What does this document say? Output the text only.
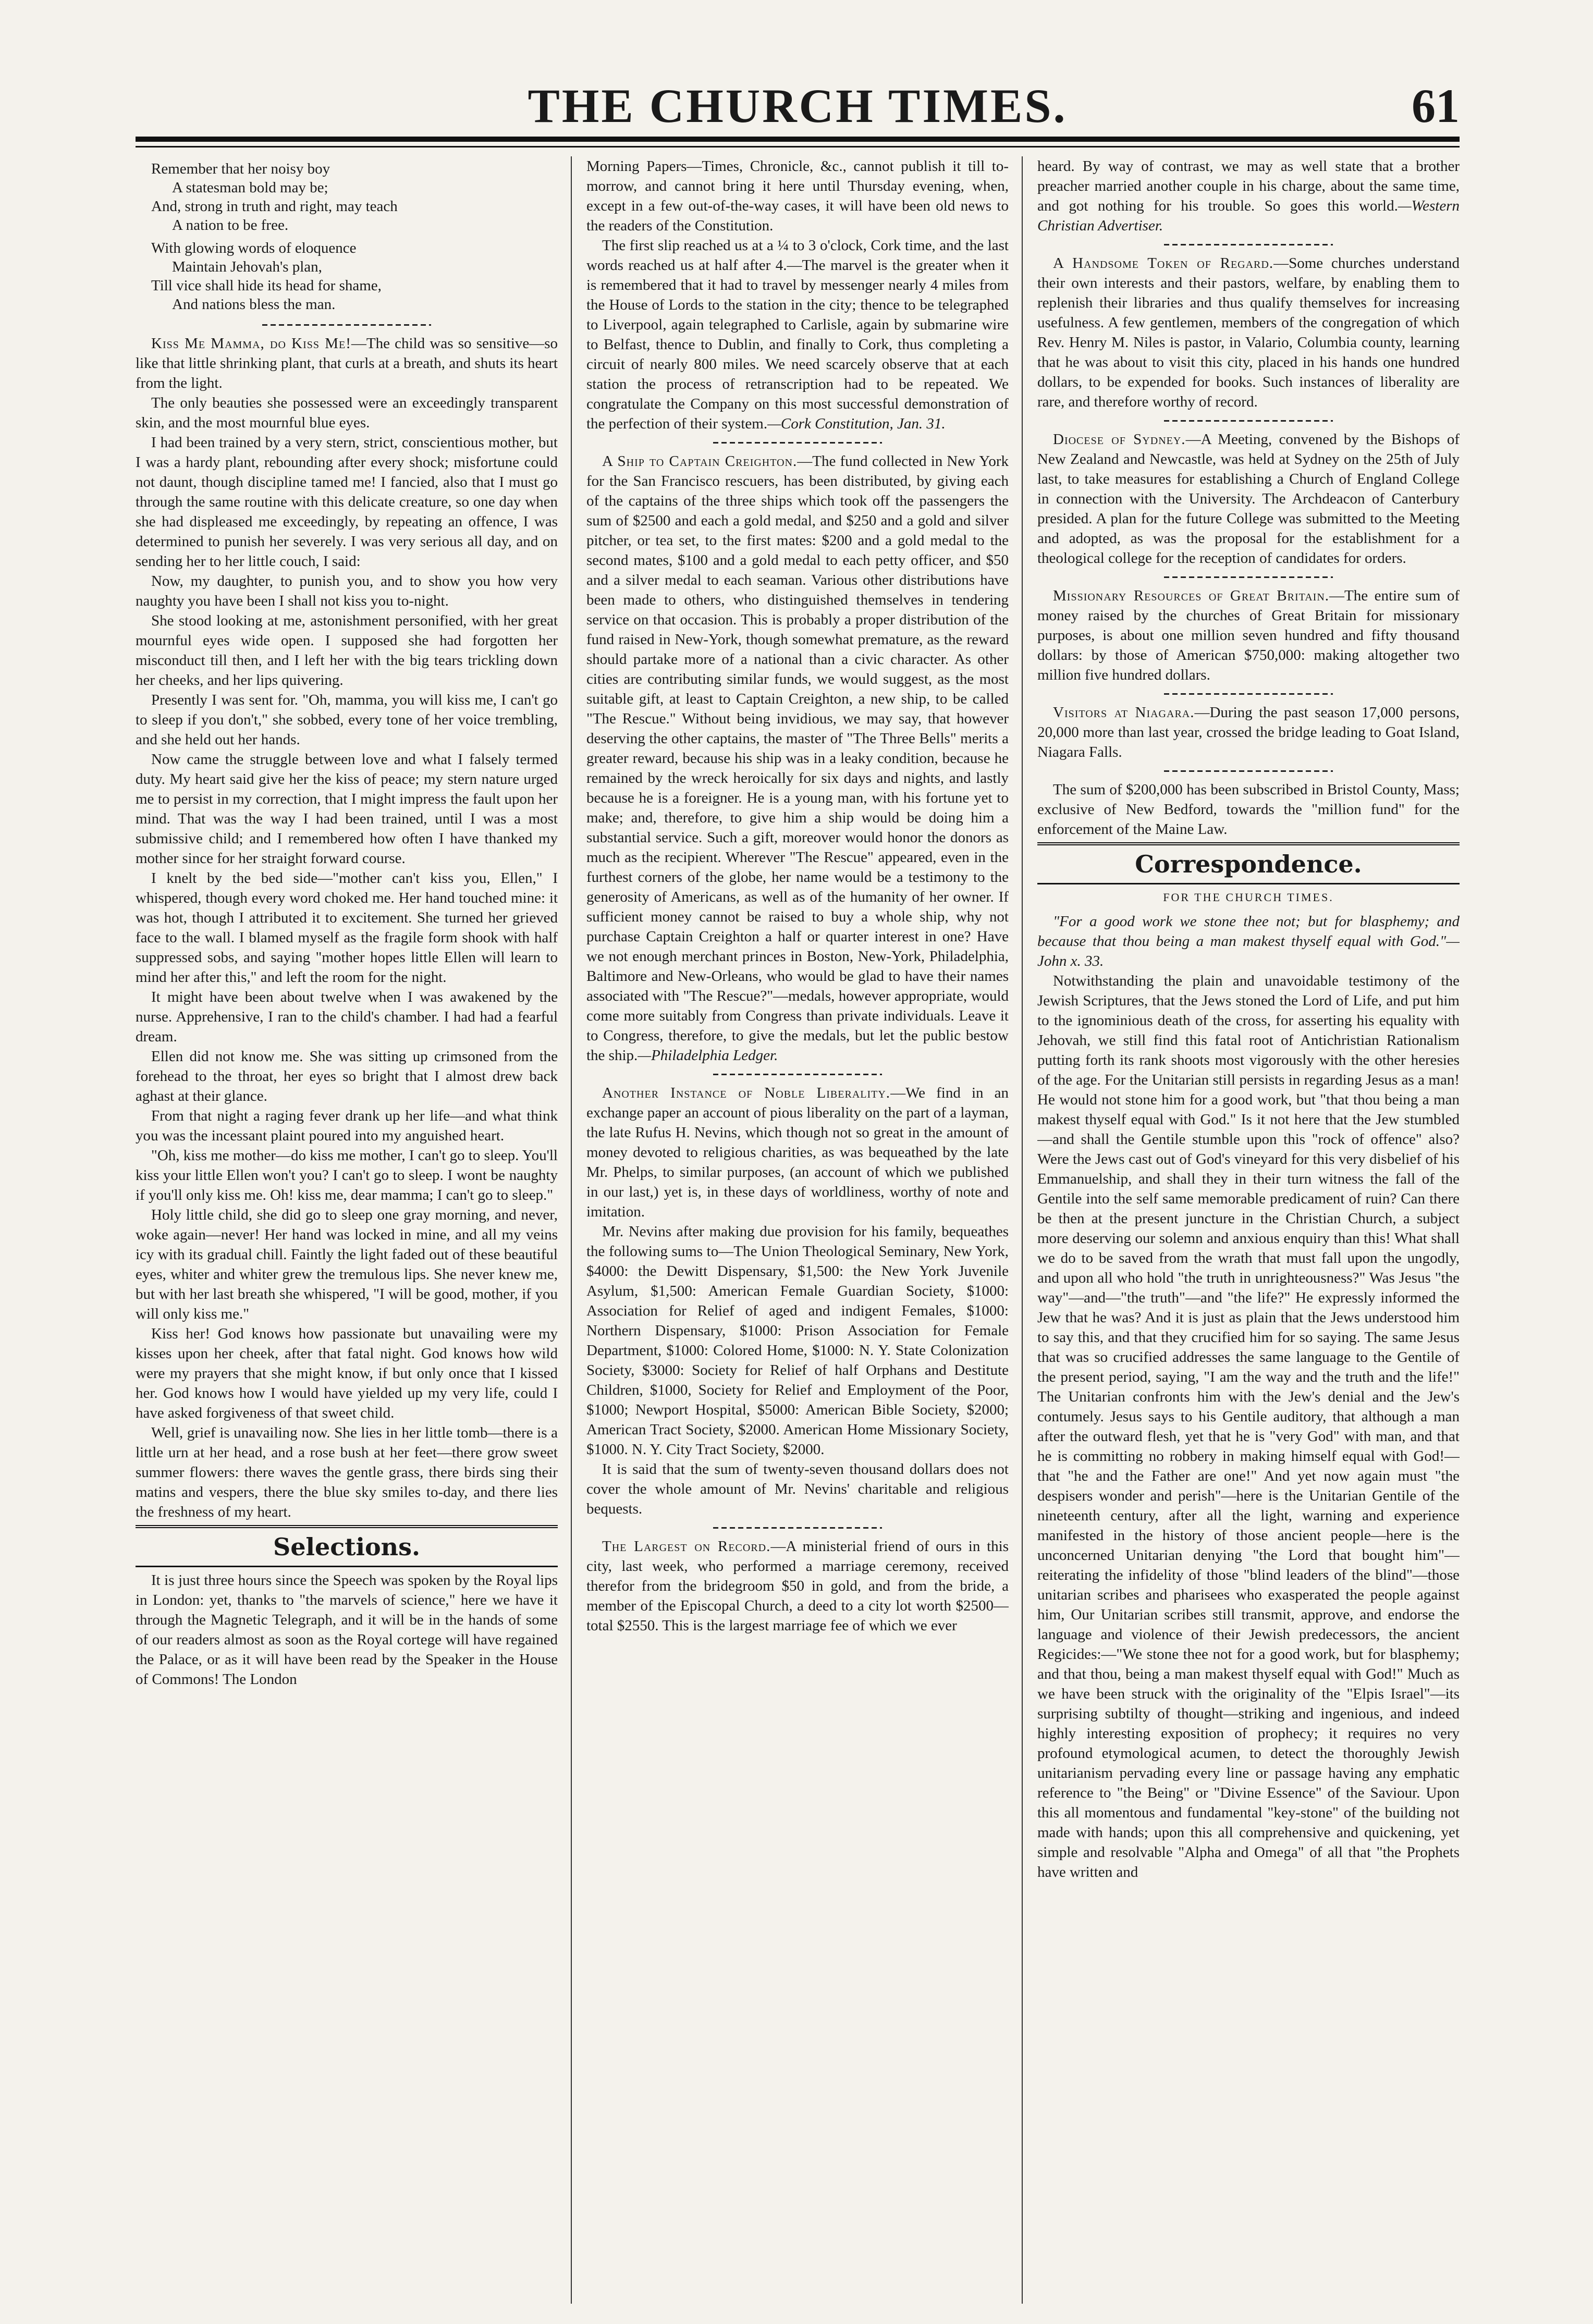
THE CHURCH TIMES.	61
Remember that her noisy boy
A statesman bold may be;
And, strong in truth and right, may teach
A nation to be free.
With glowing words of eloquence
Maintain Jehovah's plan,
Till vice shall hide its head for shame,
And nations bless the man.

Kiss Me Mamma, do Kiss Me!—The child was so sensitive—so like that little shrinking plant, that curls at a breath, and shuts its heart from the light.

The only beauties she possessed were an exceedingly transparent skin, and the most mournful blue eyes.

I had been trained by a very stern, strict, conscientious mother, but I was a hardy plant, rebounding after every shock; misfortune could not daunt, though discipline tamed me! I fancied, also that I must go through the same routine with this delicate creature, so one day when she had displeased me exceedingly, by repeating an offence, I was determined to punish her severely. I was very serious all day, and on sending her to her little couch, I said:

Now, my daughter, to punish you, and to show you how very naughty you have been I shall not kiss you to-night.

She stood looking at me, astonishment personified, with her great mournful eyes wide open. I supposed she had forgotten her misconduct till then, and I left her with the big tears trickling down her cheeks, and her lips quivering.

Presently I was sent for. "Oh, mamma, you will kiss me, I can't go to sleep if you don't," she sobbed, every tone of her voice trembling, and she held out her hands.

Now came the struggle between love and what I falsely termed duty. My heart said give her the kiss of peace; my stern nature urged me to persist in my correction, that I might impress the fault upon her mind. That was the way I had been trained, until I was a most submissive child; and I remembered how often I have thanked my mother since for her straight forward course.

I knelt by the bed side—"mother can't kiss you, Ellen," I whispered, though every word choked me. Her hand touched mine: it was hot, though I attributed it to excitement. She turned her grieved face to the wall. I blamed myself as the fragile form shook with half suppressed sobs, and saying "mother hopes little Ellen will learn to mind her after this," and left the room for the night.

It might have been about twelve when I was awakened by the nurse. Apprehensive, I ran to the child's chamber. I had had a fearful dream.

Ellen did not know me. She was sitting up crimsoned from the forehead to the throat, her eyes so bright that I almost drew back aghast at their glance.

From that night a raging fever drank up her life—and what think you was the incessant plaint poured into my anguished heart.

"Oh, kiss me mother—do kiss me mother, I can't go to sleep. You'll kiss your little Ellen won't you? I can't go to sleep. I wont be naughty if you'll only kiss me. Oh! kiss me, dear mamma; I can't go to sleep."

Holy little child, she did go to sleep one gray morning, and never, woke again—never! Her hand was locked in mine, and all my veins icy with its gradual chill. Faintly the light faded out of these beautiful eyes, whiter and whiter grew the tremulous lips. She never knew me, but with her last breath she whispered, "I will be good, mother, if you will only kiss me."

Kiss her! God knows how passionate but unavailing were my kisses upon her cheek, after that fatal night. God knows how wild were my prayers that she might know, if but only once that I kissed her. God knows how I would have yielded up my very life, could I have asked forgiveness of that sweet child.

Well, grief is unavailing now. She lies in her little tomb—there is a little urn at her head, and a rose bush at her feet—there grow sweet summer flowers: there waves the gentle grass, there birds sing their matins and vespers, there the blue sky smiles to-day, and there lies the freshness of my heart.

Selections.

It is just three hours since the Speech was spoken by the Royal lips in London: yet, thanks to "the marvels of science," here we have it through the Magnetic Telegraph, and it will be in the hands of some of our readers almost as soon as the Royal cortege will have regained the Palace, or as it will have been read by the Speaker in the House of Commons! The London

Morning Papers—Times, Chronicle, &c., cannot publish it till to-morrow, and cannot bring it here until Thursday evening, when, except in a few out-of-the-way cases, it will have been old news to the readers of the Constitution.

The first slip reached us at a ¼ to 3 o'clock, Cork time, and the last words reached us at half after 4.—The marvel is the greater when it is remembered that it had to travel by messenger nearly 4 miles from the House of Lords to the station in the city; thence to be telegraphed to Liverpool, again telegraphed to Carlisle, again by submarine wire to Belfast, thence to Dublin, and finally to Cork, thus completing a circuit of nearly 800 miles. We need scarcely observe that at each station the process of retranscription had to be repeated. We congratulate the Company on this most successful demonstration of the perfection of their system.—Cork Constitution, Jan. 31.

A Ship to Captain Creighton.—The fund collected in New York for the San Francisco rescuers, has been distributed, by giving each of the captains of the three ships which took off the passengers the sum of $2500 and each a gold medal, and $250 and a gold and silver pitcher, or tea set, to the first mates: $200 and a gold medal to the second mates, $100 and a gold medal to each petty officer, and $50 and a silver medal to each seaman. Various other distributions have been made to others, who distinguished themselves in tendering service on that occasion. This is probably a proper distribution of the fund raised in New-York, though somewhat premature, as the reward should partake more of a national than a civic character. As other cities are contributing similar funds, we would suggest, as the most suitable gift, at least to Captain Creighton, a new ship, to be called "The Rescue." Without being invidious, we may say, that however deserving the other captains, the master of "The Three Bells" merits a greater reward, because his ship was in a leaky condition, because he remained by the wreck heroically for six days and nights, and lastly because he is a foreigner. He is a young man, with his fortune yet to make; and, therefore, to give him a ship would be doing him a substantial service. Such a gift, moreover would honor the donors as much as the recipient. Wherever "The Rescue" appeared, even in the furthest corners of the globe, her name would be a testimony to the generosity of Americans, as well as of the humanity of her owner. If sufficient money cannot be raised to buy a whole ship, why not purchase Captain Creighton a half or quarter interest in one? Have we not enough merchant princes in Boston, New-York, Philadelphia, Baltimore and New-Orleans, who would be glad to have their names associated with "The Rescue?"—medals, however appropriate, would come more suitably from Congress than private individuals. Leave it to Congress, therefore, to give the medals, but let the public bestow the ship.—Philadelphia Ledger.

Another Instance of Noble Liberality.—We find in an exchange paper an account of pious liberality on the part of a layman, the late Rufus H. Nevins, which though not so great in the amount of money devoted to religious charities, as was bequeathed by the late Mr. Phelps, to similar purposes, (an account of which we published in our last,) yet is, in these days of worldliness, worthy of note and imitation.

Mr. Nevins after making due provision for his family, bequeathes the following sums to—The Union Theological Seminary, New York, $4000: the Dewitt Dispensary, $1,500: the New York Juvenile Asylum, $1,500: American Female Guardian Society, $1000: Association for Relief of aged and indigent Females, $1000: Northern Dispensary, $1000: Prison Association for Female Department, $1000: Colored Home, $1000: N. Y. State Colonization Society, $3000: Society for Relief of half Orphans and Destitute Children, $1000, Society for Relief and Employment of the Poor, $1000; Newport Hospital, $5000: American Bible Society, $2000; American Tract Society, $2000. American Home Missionary Society, $1000. N. Y. City Tract Society, $2000.

It is said that the sum of twenty-seven thousand dollars does not cover the whole amount of Mr. Nevins' charitable and religious bequests.

The Largest on Record.—A ministerial friend of ours in this city, last week, who performed a marriage ceremony, received therefor from the bridegroom $50 in gold, and from the bride, a member of the Episcopal Church, a deed to a city lot worth $2500—total $2550. This is the largest marriage fee of which we ever

heard. By way of contrast, we may as well state that a brother preacher married another couple in his charge, about the same time, and got nothing for his trouble. So goes this world.—Western Christian Advertiser.

A Handsome Token of Regard.—Some churches understand their own interests and their pastors, welfare, by enabling them to replenish their libraries and thus qualify themselves for increasing usefulness. A few gentlemen, members of the congregation of which Rev. Henry M. Niles is pastor, in Valario, Columbia county, learning that he was about to visit this city, placed in his hands one hundred dollars, to be expended for books. Such instances of liberality are rare, and therefore worthy of record.

Diocese of Sydney.—A Meeting, convened by the Bishops of New Zealand and Newcastle, was held at Sydney on the 25th of July last, to take measures for establishing a Church of England College in connection with the University. The Archdeacon of Canterbury presided. A plan for the future College was submitted to the Meeting and adopted, as was the proposal for the establishment for a theological college for the reception of candidates for orders.

Missionary Resources of Great Britain.—The entire sum of money raised by the churches of Great Britain for missionary purposes, is about one million seven hundred and fifty thousand dollars: by those of American $750,000: making altogether two million five hundred dollars.

Visitors at Niagara.—During the past season 17,000 persons, 20,000 more than last year, crossed the bridge leading to Goat Island, Niagara Falls.

The sum of $200,000 has been subscribed in Bristol County, Mass; exclusive of New Bedford, towards the "million fund" for the enforcement of the Maine Law.

Correspondence.
FOR THE CHURCH TIMES.

"For a good work we stone thee not; but for blasphemy; and because that thou being a man makest thyself equal with God."—John x. 33.

Notwithstanding the plain and unavoidable testimony of the Jewish Scriptures, that the Jews stoned the Lord of Life, and put him to the ignominious death of the cross, for asserting his equality with Jehovah, we still find this fatal root of Antichristian Rationalism putting forth its rank shoots most vigorously with the other heresies of the age. For the Unitarian still persists in regarding Jesus as a man! He would not stone him for a good work, but "that thou being a man makest thyself equal with God." Is it not here that the Jew stumbled—and shall the Gentile stumble upon this "rock of offence" also? Were the Jews cast out of God's vineyard for this very disbelief of his Emmanuelship, and shall they in their turn witness the fall of the Gentile into the self same memorable predicament of ruin? Can there be then at the present juncture in the Christian Church, a subject more deserving our solemn and anxious enquiry than this! What shall we do to be saved from the wrath that must fall upon the ungodly, and upon all who hold "the truth in unrighteousness?" Was Jesus "the way"—and—"the truth"—and "the life?" He expressly informed the Jew that he was? And it is just as plain that the Jews understood him to say this, and that they crucified him for so saying. The same Jesus that was so crucified addresses the same language to the Gentile of the present period, saying, "I am the way and the truth and the life!" The Unitarian confronts him with the Jew's denial and the Jew's contumely. Jesus says to his Gentile auditory, that although a man after the outward flesh, yet that he is "very God" with man, and that he is committing no robbery in making himself equal with God!—that "he and the Father are one!" And yet now again must "the despisers wonder and perish"—here is the Unitarian Gentile of the nineteenth century, after all the light, warning and experience manifested in the history of those ancient people—here is the unconcerned Unitarian denying "the Lord that bought him"—reiterating the infidelity of those "blind leaders of the blind"—those unitarian scribes and pharisees who exasperated the people against him, Our Unitarian scribes still transmit, approve, and endorse the language and violence of their Jewish predecessors, the ancient Regicides:—"We stone thee not for a good work, but for blasphemy; and that thou, being a man makest thyself equal with God!" Much as we have been struck with the originality of the "Elpis Israel"—its surprising subtilty of thought—striking and ingenious, and indeed highly interesting exposition of prophecy; it requires no very profound etymological acumen, to detect the thoroughly Jewish unitarianism pervading every line or passage having any emphatic reference to "the Being" or "Divine Essence" of the Saviour. Upon this all momentous and fundamental "key-stone" of the building not made with hands; upon this all comprehensive and quickening, yet simple and resolvable "Alpha and Omega" of all that "the Prophets have written and
